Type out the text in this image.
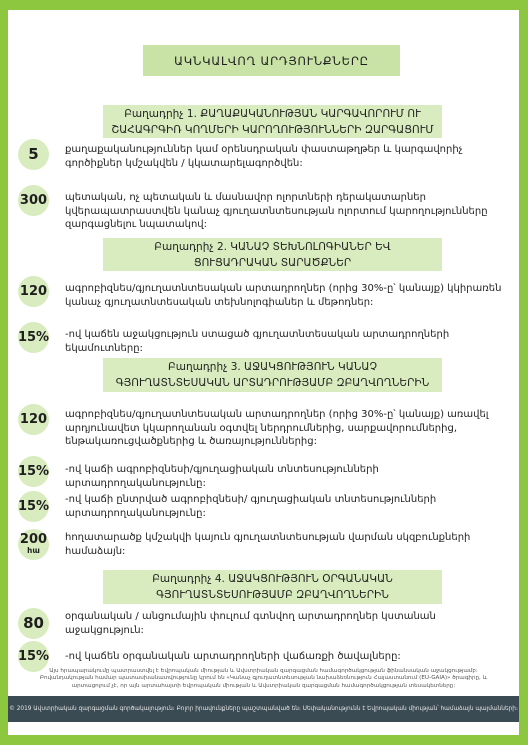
ԱԿՆԿԱԼՎՈՂ ԱՐԴՅՈՒՆՔՆԵՐԸ
Բաղադրիչ 1. ՔԱՂԱՔԱԿԱՆՈՒԹՅԱՆ ԿԱՐԳԱՎՈՐՈՒՄ ՈՒ
ՇԱՀԱԳՐԳԻՌ ԿՈՂՄԵՐԻ ԿԱՐՈՂՈՒԹՅՈՒՆՆԵՐԻ ԶԱՐԳԱՑՈՒՄ
5	քաղաքականություններ կամ օրենսդրական փաստաթղթեր և կարգավորիչ գործիքներ կմշակվեն / կկատարելագործվեն:
300 պետական, ոչ պետական և մասնավոր ոլորտների դերակատարներ կվերապատրաստվեն կանաչ գյուղատնտեսության ոլորտում կարողությունները զարգացնելու նպատակով:
Բաղադրիչ 2. ԿԱՆԱՉ ՏԵԽՆՈԼՈԳԻԱՆԵՐ ԵՎ
ՑՈՒՑԱԴՐԱԿԱՆ ՏԱՐԱԾՔՆԵՐ
120 ագրոբիզնես/գյուղատնտեսական արտադրողներ (որից 30%-ը՝ կանայք) կկիրառեն կանաչ գյուղատնտեսական տեխնոլոգիաներ և մեթոդներ:
15% -ով կաճեն աջակցություն ստացած գյուղատնտեսական արտադրողների եկամուտները:
Բաղադրիչ 3. ԱՋԱԿՑՈՒԹՅՈՒՆ ԿԱՆԱՉ
ԳՅՈՒՂԱՏՆՏԵՍԱԿԱՆ ԱՐՏԱԴՐՈՒԹՅԱՄԲ ԶԲԱՂՎՈՂՆԵՐԻՆ
120 ագրոբիզնես/գյուղատնտեսական արտադրողներ (որից 30%-ը՝ կանայք) առավել արդյունավետ կկարողանան օգտվել ներդրումներից, սարքավորումներից, ենթակառուցվածքներից և ծառայություններից:
15% -ով կաճի ագրոբիզնեսի/գյուղացիական տնտեսությունների արտադրողականությունը:
15% -ով կաճի ընտրված ագրոբիզնեսի/ գյուղացիական տնտեսությունների արտադրողականությունը:
200
հա
հողատարածք կմշակվի կայուն գյուղատնտեսության վարման սկզբունքների համաձայն:
Բաղադրիչ 4. ԱՋԱԿՑՈՒԹՅՈՒՆ ՕՐԳԱՆԱԿԱՆ
ԳՅՈՒՂԱՏՆՏԵՍՈՒԹՅԱՄԲ ԶԲԱՂՎՈՂՆԵՐԻՆ
80	օրգանական / անցումային փուլում գտնվող արտադրողներ կստանան աջակցություն:
15% -ով կաճեն օրգանական արտադրողների վաճառքի ծավալները:
Այս հրապարակումը պատրաստվել է Եվրոպական միության և Ավստրիական զարգացման համագործակցության ֆինանսական աջակցությամբ: Բովանդակության համար պատասխանատվությունը կրում են «Կանաչ գյուղատնտեսության նախաձեռնություն Հայաստանում (EU-GAIA)» ծրագիրը, և արտացոլում չէ, որ այն արտահայտի Եվրոպական միության և Ավստրիական զարգացման համագործակցության տեսակետները:
© 2019 Ավստրիական զարգացման գործակալություն։ Բոլոր իրավունքները պաշտպանված են։ Սեփականությունն է Եվրոպական միության՝ համաձայն պայմանների։
